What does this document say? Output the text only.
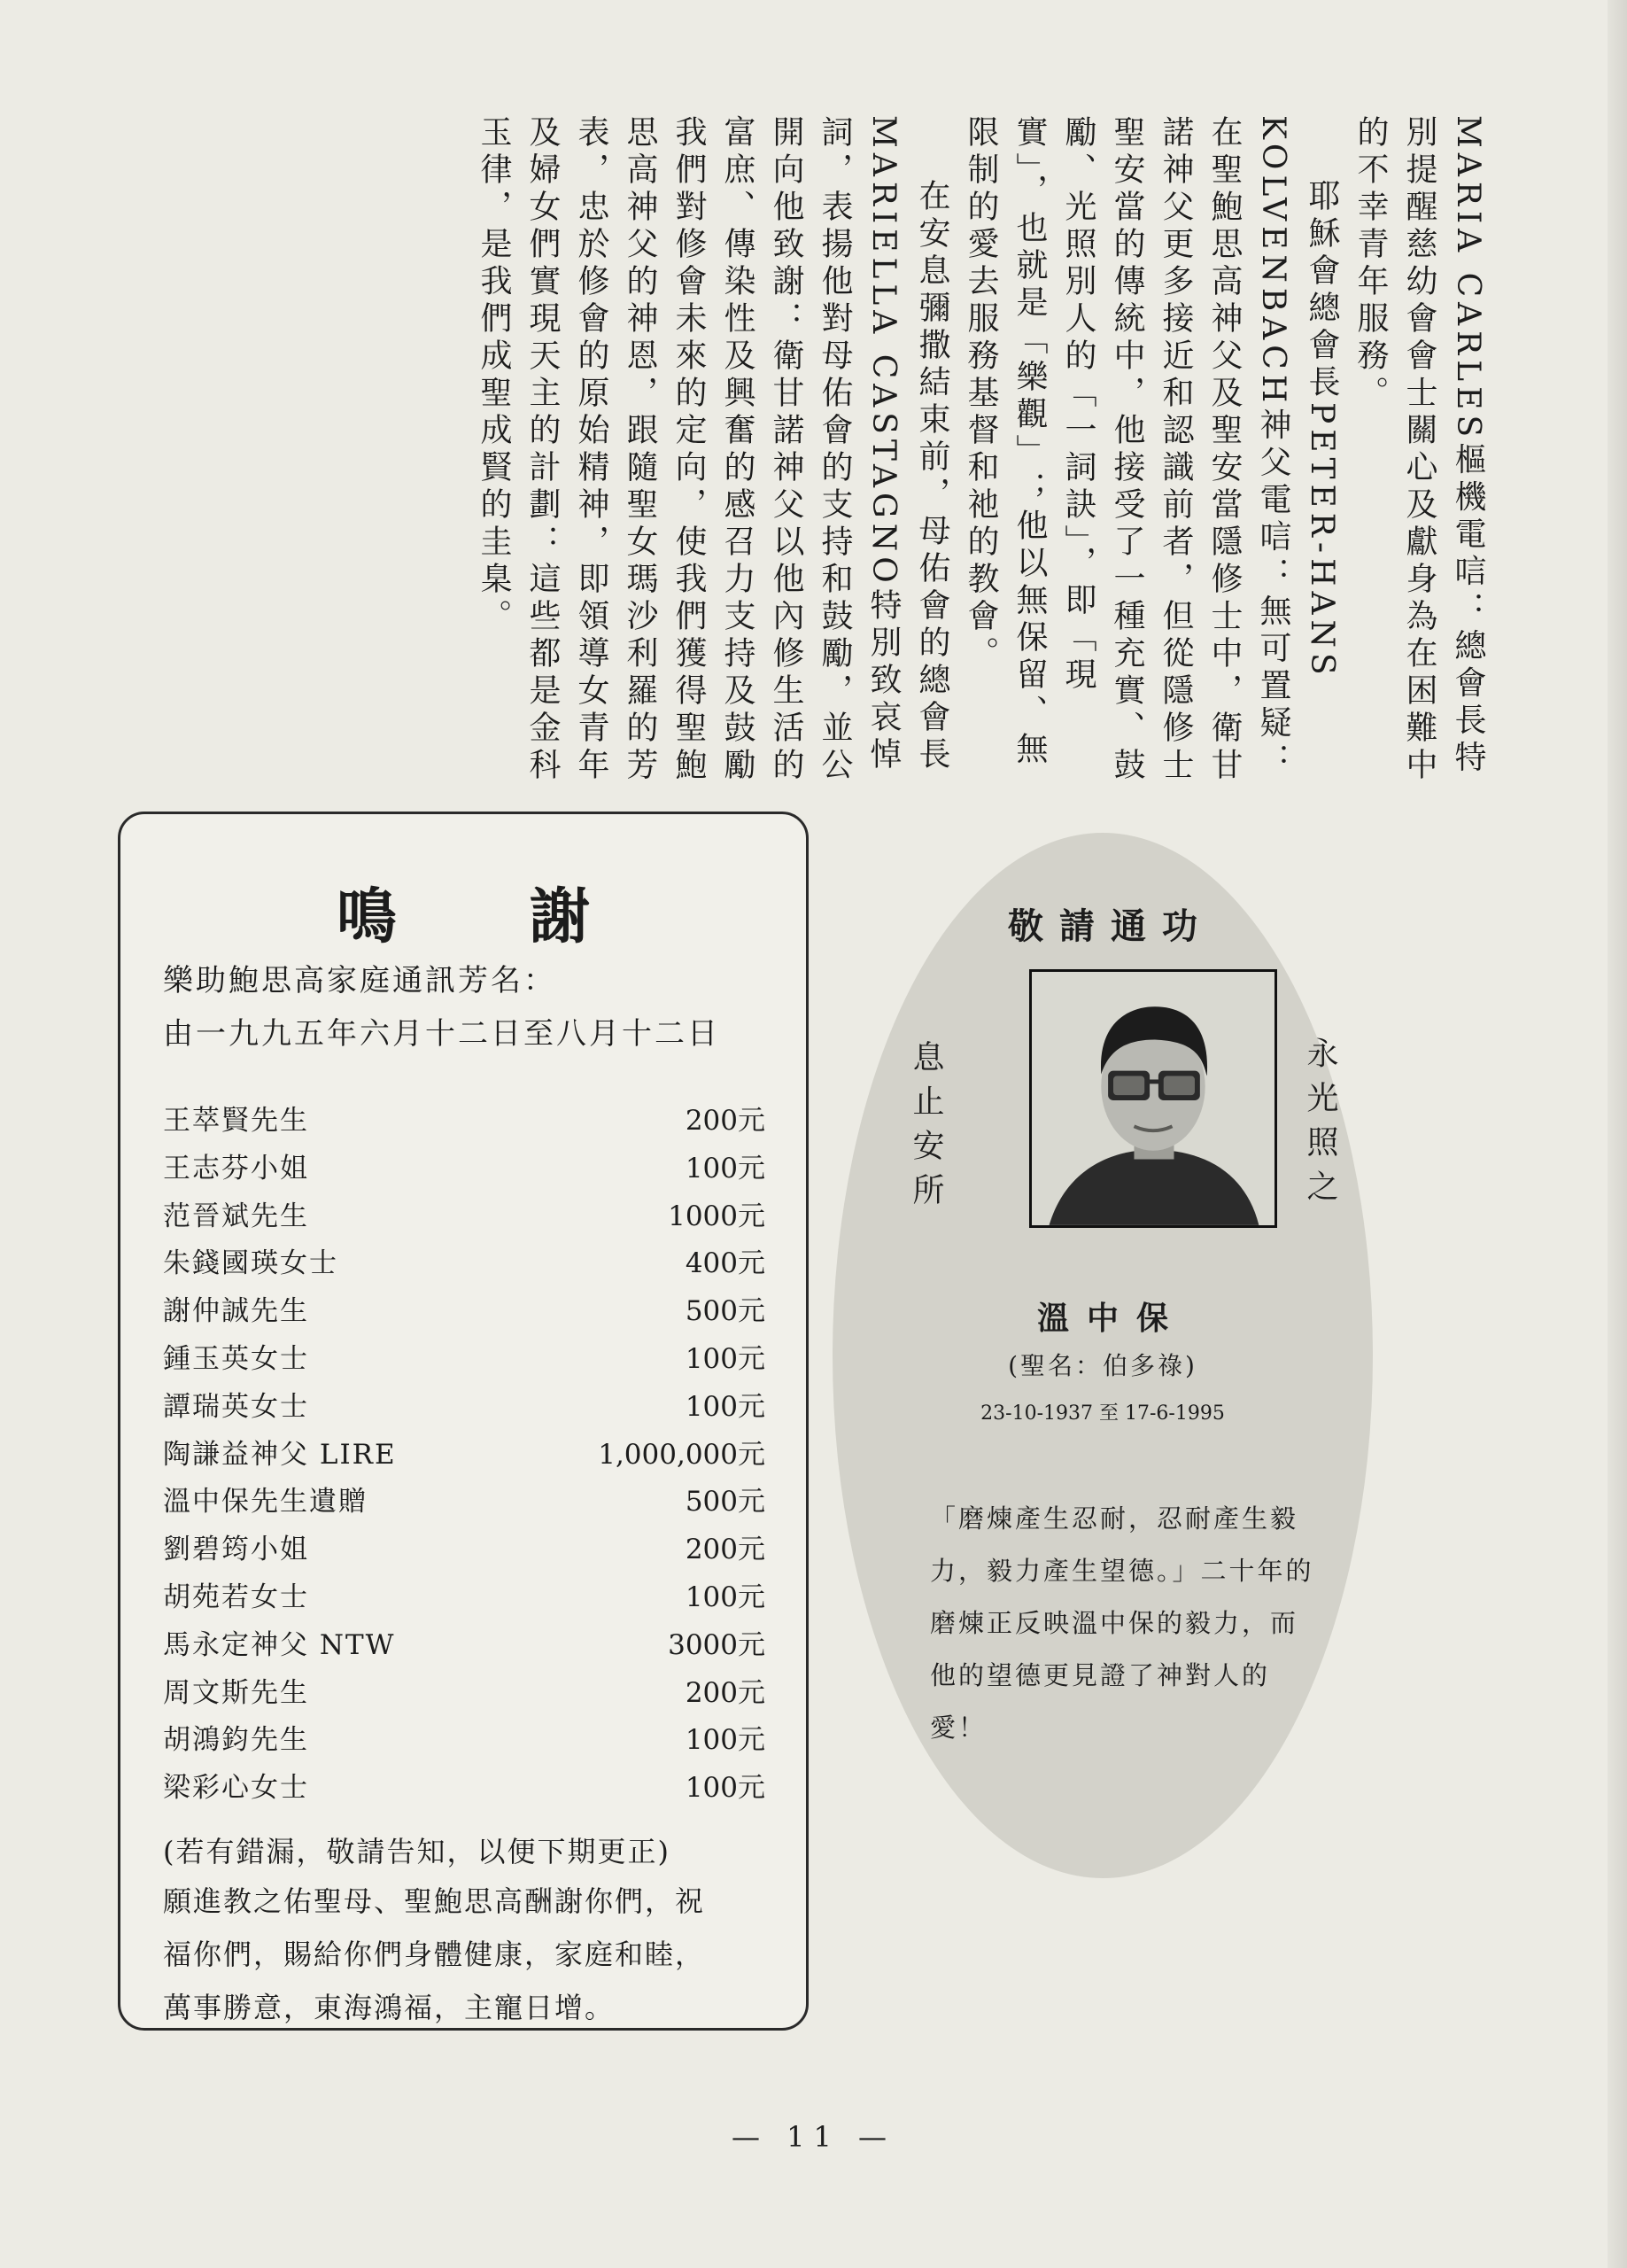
MARIA CARLES樞機電唁：總會長特別提醒慈幼會會士關心及獻身為在困難中的不幸青年服務。

耶穌會總會長PETER-HANS KOLVENBACH神父電唁：無可置疑：在聖鮑思高神父及聖安當隱修士中，衛甘諾神父更多接近和認識前者，但從隱修士聖安當的傳統中，他接受了一種充實、鼓勵、光照別人的「一詞訣」，即「現實」，也就是「樂觀」；他以無保留、無限制的愛去服務基督和祂的教會。

在安息彌撒結束前，母佑會的總會長MARIELLA CASTAGNO特別致哀悼詞，表揚他對母佑會的支持和鼓勵，並公開向他致謝：衛甘諾神父以他內修生活的富庶、傳染性及興奮的感召力支持及鼓勵我們對修會未來的定向，使我們獲得聖鮑思高神父的神恩，跟隨聖女瑪沙利羅的芳表，忠於修會的原始精神，即領導女青年及婦女們實現天主的計劃：這些都是金科玉律，是我們成聖成賢的圭臬。

鳴謝
樂助鮑思高家庭通訊芳名：
由一九九五年六月十二日至八月十二日
王萃賢先生	200元
王志芬小姐	100元
范晉斌先生	1000元
朱錢國瑛女士	400元
謝仲誠先生	500元
鍾玉英女士	100元
譚瑞英女士	100元
陶謙益神父 LIRE	1,000,000元
溫中保先生遺贈	500元
劉碧筠小姐	200元
胡苑若女士	100元
馬永定神父 NTW	3000元
周文斯先生	200元
胡鴻鈞先生	100元
梁彩心女士	100元
(若有錯漏，敬請告知，以便下期更正)
願進教之佑聖母、聖鮑思高酬謝你們，祝
福你們，賜給你們身體健康，家庭和睦，
萬事勝意，東海鴻福，主寵日增。
敬請通功
息止安所	永光照之
溫中保
(聖名：伯多祿)
23-10-1937 至 17-6-1995
「磨煉產生忍耐，忍耐產生毅力，毅力產生望德。」二十年的磨煉正反映溫中保的毅力，而他的望德更見證了神對人的愛！
— 11 —
